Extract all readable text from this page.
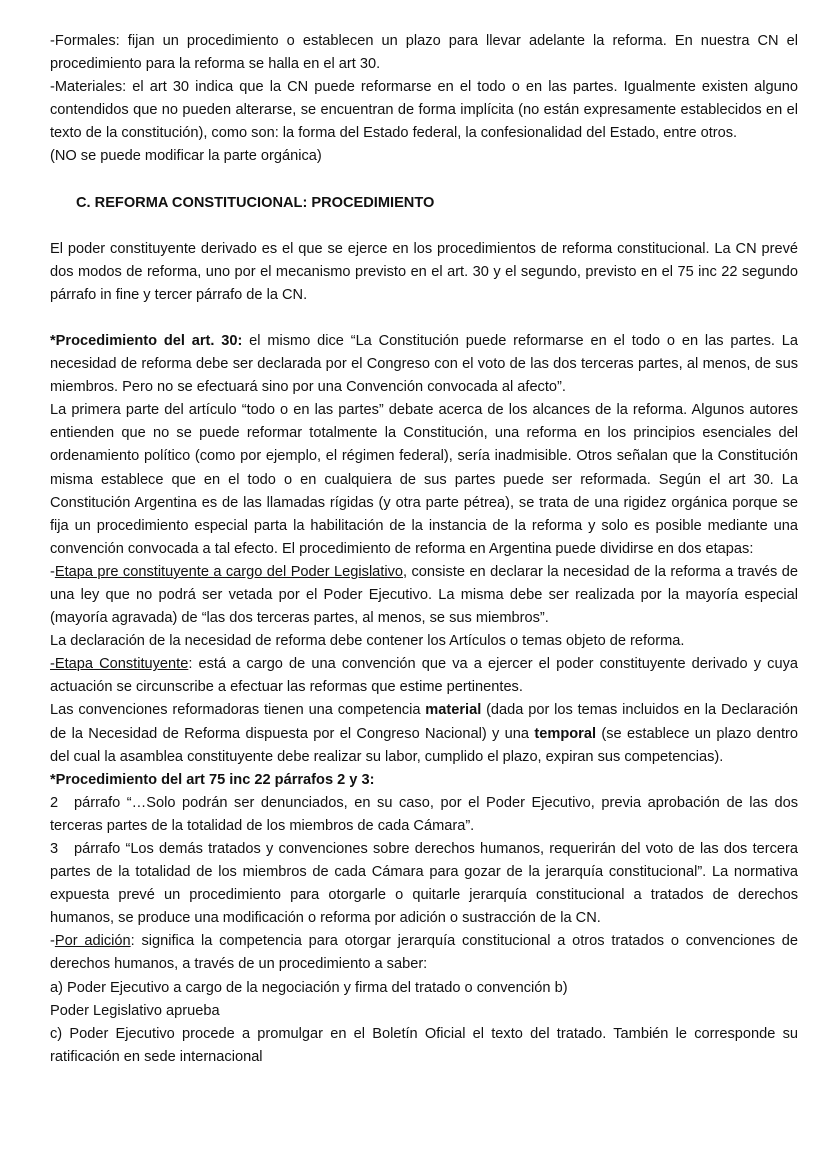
-Formales: fijan un procedimiento o establecen un plazo para llevar adelante la reforma. En nuestra CN el procedimiento para la reforma se halla en el art 30.

-Materiales: el art 30 indica que la CN puede reformarse en el todo o en las partes. Igualmente existen alguno contendidos que no pueden alterarse, se encuentran de forma implícita (no están expresamente establecidos en el texto de la constitución), como son: la forma del Estado federal, la confesionalidad del Estado, entre otros.

(NO se puede modificar la parte orgánica)

C. REFORMA CONSTITUCIONAL: PROCEDIMIENTO

El poder constituyente derivado es el que se ejerce en los procedimientos de reforma constitucional. La CN prevé dos modos de reforma, uno por el mecanismo previsto en el art. 30 y el segundo, previsto en el 75 inc 22 segundo párrafo in fine y tercer párrafo de la CN.

*Procedimiento del art. 30: el mismo dice “La Constitución puede reformarse en el todo o en las partes. La necesidad de reforma debe ser declarada por el Congreso con el voto de las dos terceras partes, al menos, de sus miembros. Pero no se efectuará sino por una Convención convocada al afecto”.

La primera parte del artículo “todo o en las partes” debate acerca de los alcances de la reforma. Algunos autores entienden que no se puede reformar totalmente la Constitución, una reforma en los principios esenciales del ordenamiento político (como por ejemplo, el régimen federal), sería inadmisible. Otros señalan que la Constitución misma establece que en el todo o en cualquiera de sus partes puede ser reformada. Según el art 30. La Constitución Argentina es de las llamadas rígidas (y otra parte pétrea), se trata de una rigidez orgánica porque se fija un procedimiento especial parta la habilitación de la instancia de la reforma y solo es posible mediante una convención convocada a tal efecto. El procedimiento de reforma en Argentina puede dividirse en dos etapas:

-Etapa pre constituyente a cargo del Poder Legislativo, consiste en declarar la necesidad de la reforma a través de una ley que no podrá ser vetada por el Poder Ejecutivo. La misma debe ser realizada por la mayoría especial (mayoría agravada) de “las dos terceras partes, al menos, se sus miembros”.

La declaración de la necesidad de reforma debe contener los Artículos o temas objeto de reforma.

-Etapa Constituyente: está a cargo de una convención que va a ejercer el poder constituyente derivado y cuya actuación se circunscribe a efectuar las reformas que estime pertinentes.

Las convenciones reformadoras tienen una competencia material (dada por los temas incluidos en la Declaración de la Necesidad de Reforma dispuesta por el Congreso Nacional) y una temporal (se establece un plazo dentro del cual la asamblea constituyente debe realizar su labor, cumplido el plazo, expiran sus competencias).

*Procedimiento del art 75 inc 22 párrafos 2 y 3:

2 párrafo “…Solo podrán ser denunciados, en su caso, por el Poder Ejecutivo, previa aprobación de las dos terceras partes de la totalidad de los miembros de cada Cámara”.

3 párrafo “Los demás tratados y convenciones sobre derechos humanos, requerirán del voto de las dos tercera partes de la totalidad de los miembros de cada Cámara para gozar de la jerarquía constitucional”. La normativa expuesta prevé un procedimiento para otorgarle o quitarle jerarquía constitucional a tratados de derechos humanos, se produce una modificación o reforma por adición o sustracción de la CN.

-Por adición: significa la competencia para otorgar jerarquía constitucional a otros tratados o convenciones de derechos humanos, a través de un procedimiento a saber:

a) Poder Ejecutivo a cargo de la negociación y firma del tratado o convención b)

Poder Legislativo aprueba

c) Poder Ejecutivo procede a promulgar en el Boletín Oficial el texto del tratado. También le corresponde su ratificación en sede internacional
